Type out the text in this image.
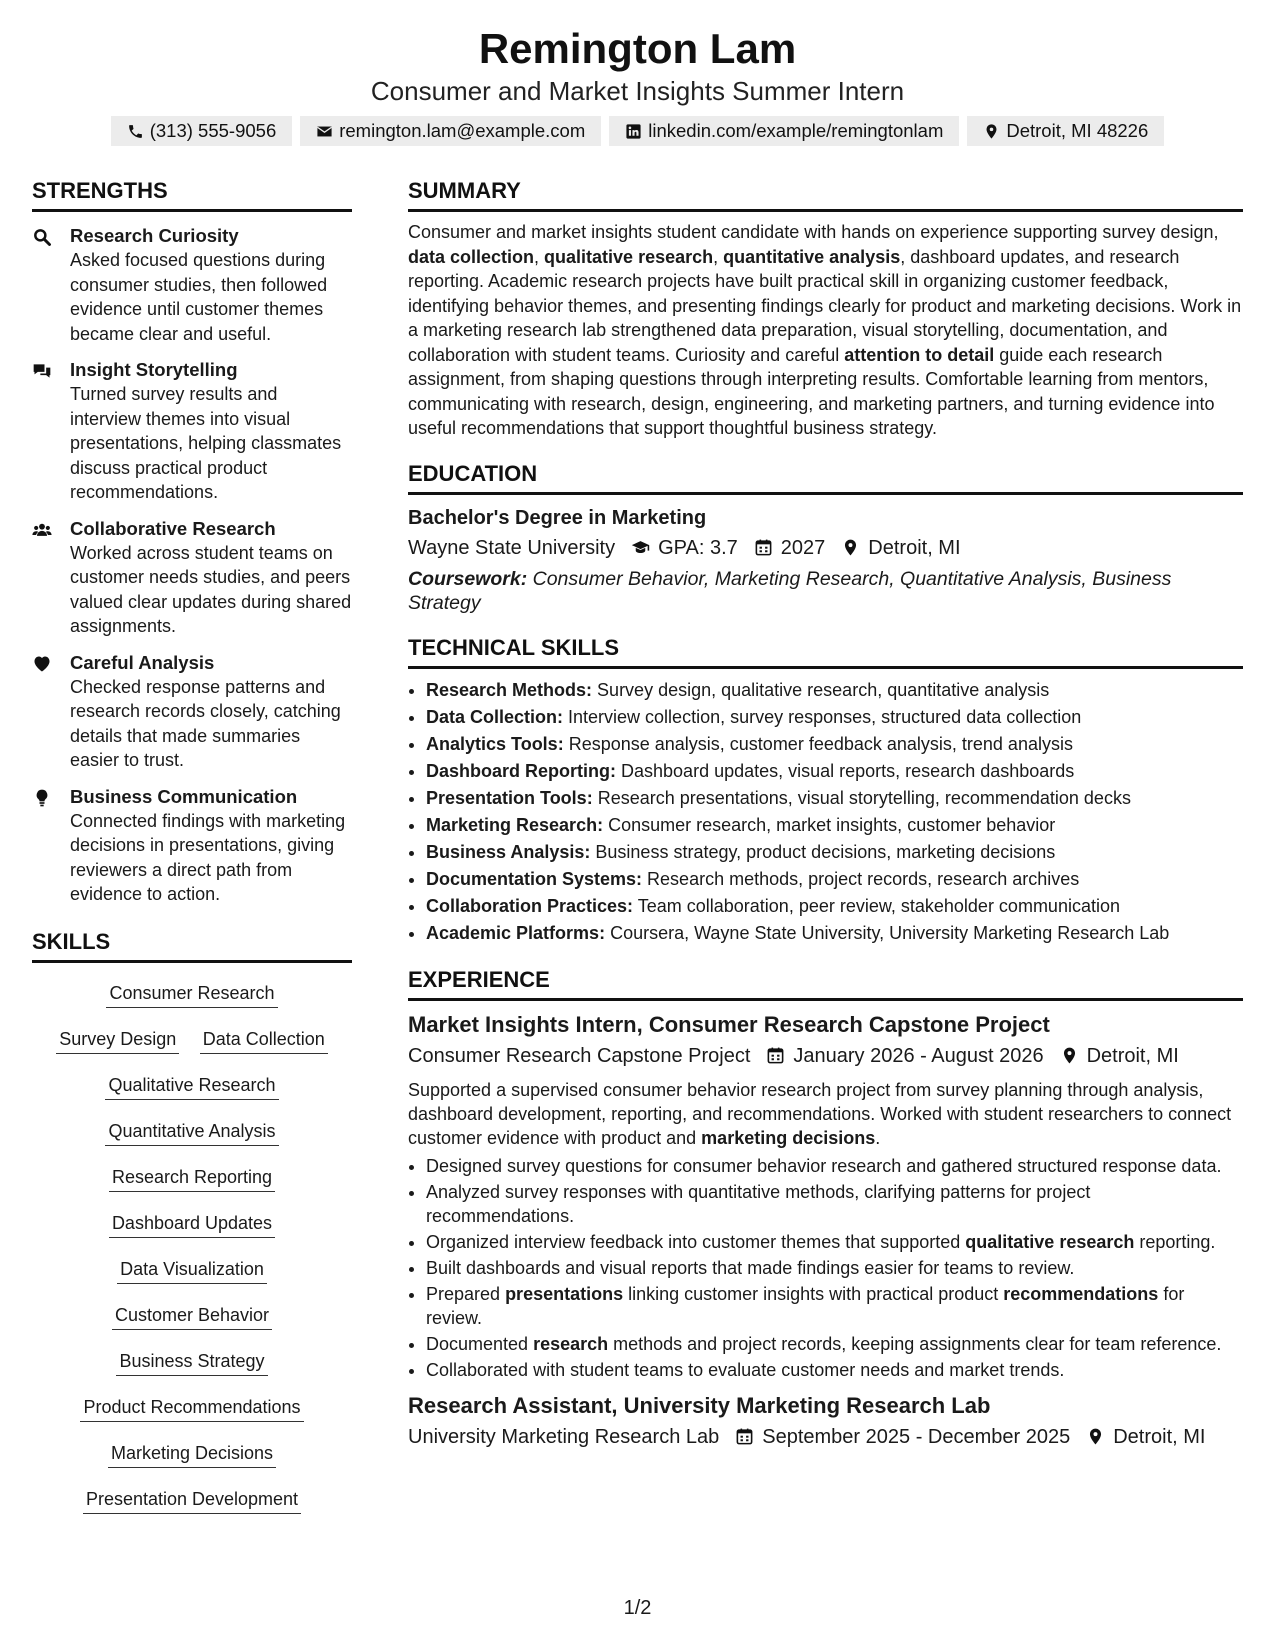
Remington Lam
Consumer and Market Insights Summer Intern
(313) 555-9056	remington.lam@example.com	linkedin.com/example/remingtonlam	Detroit, MI 48226
STRENGTHS
Research Curiosity
Asked focused questions during consumer studies, then followed evidence until customer themes became clear and useful.
Insight Storytelling
Turned survey results and interview themes into visual presentations, helping classmates discuss practical product recommendations.
Collaborative Research
Worked across student teams on customer needs studies, and peers valued clear updates during shared assignments.
Careful Analysis
Checked response patterns and research records closely, catching details that made summaries easier to trust.
Business Communication
Connected findings with marketing decisions in presentations, giving reviewers a direct path from evidence to action.
SKILLS
Consumer ResearchSurvey Design Data Collection Qualitative Research Quantitative Analysis Research Reporting Dashboard Updates Data Visualization Customer Behavior Business Strategy Product Recommendations Marketing Decisions Presentation Development
SUMMARY
Consumer and market insights student candidate with hands on experience supporting survey design, data collection, qualitative research, quantitative analysis, dashboard updates, and research reporting. Academic research projects have built practical skill in organizing customer feedback, identifying behavior themes, and presenting findings clearly for product and marketing decisions. Work in a marketing research lab strengthened data preparation, visual storytelling, documentation, and collaboration with student teams. Curiosity and careful attention to detail guide each research assignment, from shaping questions through interpreting results. Comfortable learning from mentors, communicating with research, design, engineering, and marketing partners, and turning evidence into useful recommendations that support thoughtful business strategy.
EDUCATION
Bachelor's Degree in Marketing
Wayne State University GPA: 3.7 2027 Detroit, MI
Coursework: Consumer Behavior, Marketing Research, Quantitative Analysis, Business Strategy
TECHNICAL SKILLS
• Research Methods: Survey design, qualitative research, quantitative analysis
• Data Collection: Interview collection, survey responses, structured data collection
• Analytics Tools: Response analysis, customer feedback analysis, trend analysis
• Dashboard Reporting: Dashboard updates, visual reports, research dashboards
• Presentation Tools: Research presentations, visual storytelling, recommendation decks
• Marketing Research: Consumer research, market insights, customer behavior
• Business Analysis: Business strategy, product decisions, marketing decisions
• Documentation Systems: Research methods, project records, research archives
• Collaboration Practices: Team collaboration, peer review, stakeholder communication
• Academic Platforms: Coursera, Wayne State University, University Marketing Research Lab
EXPERIENCE
Market Insights Intern, Consumer Research Capstone Project
Consumer Research Capstone Project January 2026 - August 2026 Detroit, MI
Supported a supervised consumer behavior research project from survey planning through analysis, dashboard development, reporting, and recommendations. Worked with student researchers to connect customer evidence with product and marketing decisions.
• Designed survey questions for consumer behavior research and gathered structured response data.
• Analyzed survey responses with quantitative methods, clarifying patterns for project recommendations.
• Organized interview feedback into customer themes that supported qualitative research reporting.
• Built dashboards and visual reports that made findings easier for teams to review.
• Prepared presentations linking customer insights with practical product recommendations for review.
• Documented research methods and project records, keeping assignments clear for team reference.
• Collaborated with student teams to evaluate customer needs and market trends.
Research Assistant, University Marketing Research Lab
University Marketing Research Lab September 2025 - December 2025 Detroit, MI
1/2
